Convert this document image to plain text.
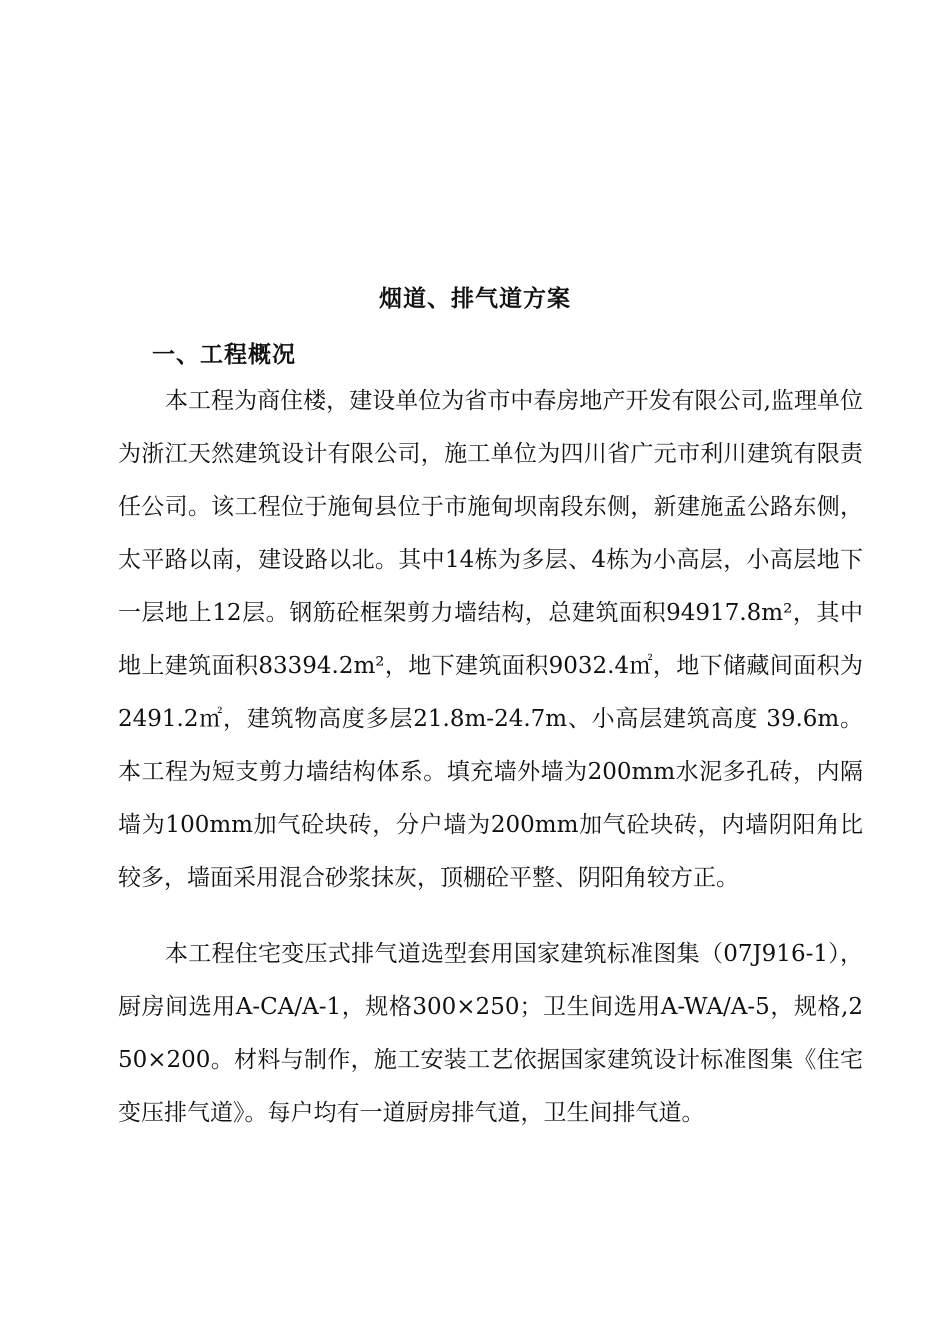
烟道、排气道方案
一、工程概况

本工程为商住楼，建设单位为省市中春房地产开发有限公司,监理单位为浙江天然建筑设计有限公司，施工单位为四川省广元市利川建筑有限责任公司。该工程位于施甸县位于市施甸坝南段东侧，新建施孟公路东侧，太平路以南，建设路以北。其中14栋为多层、4栋为小高层，小高层地下一层地上12层。钢筋砼框架剪力墙结构，总建筑面积94917.8m²，其中地上建筑面积83394.2m²，地下建筑面积9032.4㎡，地下储藏间面积为2491.2㎡，建筑物高度多层21.8m-24.7m、小高层建筑高度 39.6m。本工程为短支剪力墙结构体系。填充墙外墙为200mm水泥多孔砖，内隔墙为100mm加气砼块砖，分户墙为200mm加气砼块砖，内墙阴阳角比较多，墙面采用混合砂浆抹灰，顶棚砼平整、阴阳角较方正。

本工程住宅变压式排气道选型套用国家建筑标准图集（07J916-1），厨房间选用A-CA/A-1，规格300×250；卫生间选用A-WA/A-5，规格,250×200。材料与制作，施工安装工艺依据国家建筑设计标准图集《住宅变压排气道》。每户均有一道厨房排气道，卫生间排气道。
